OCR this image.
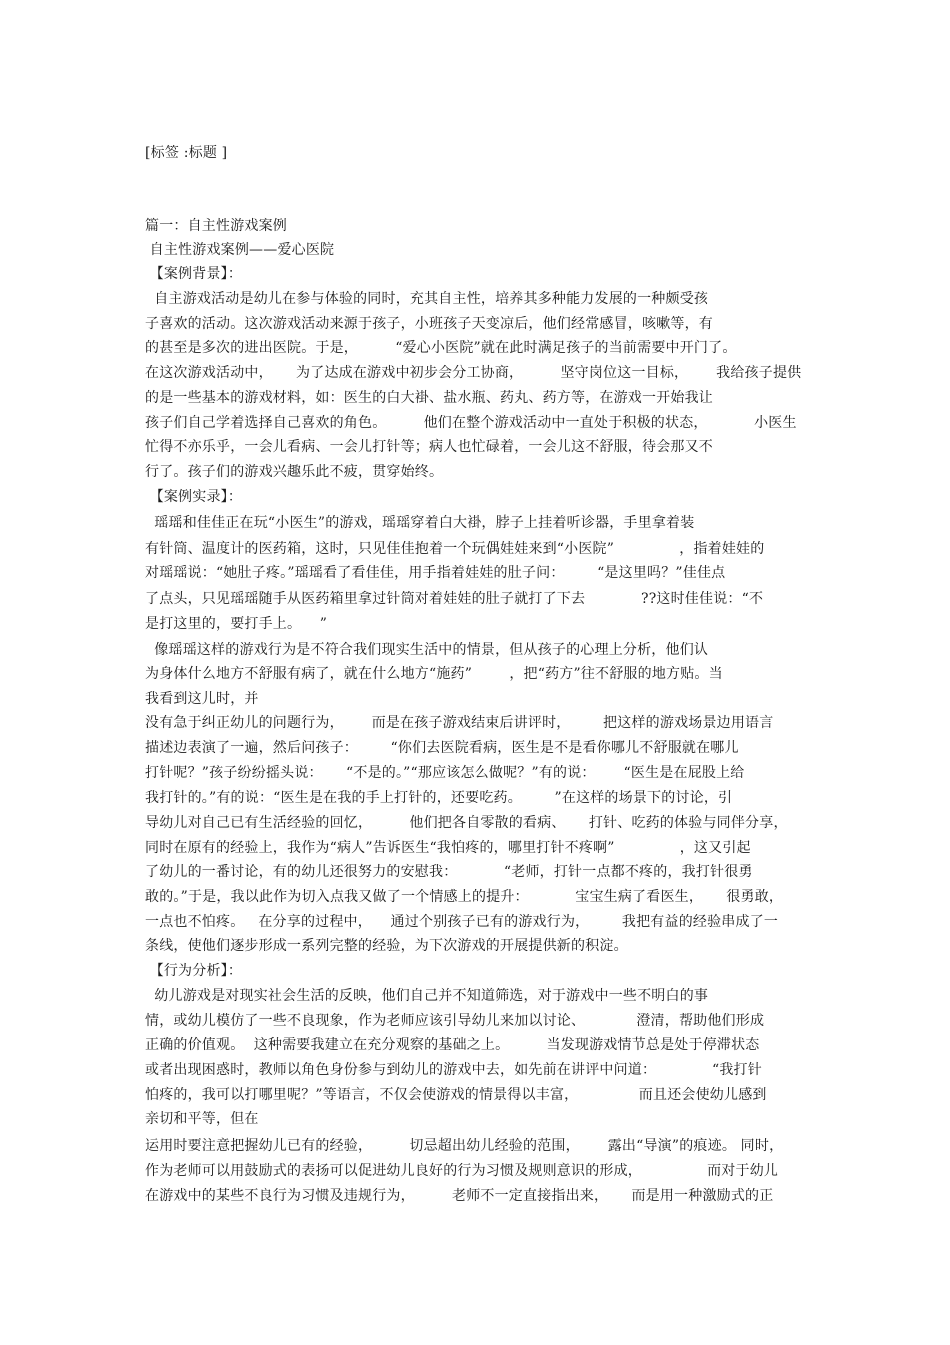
[标签 :标题 ]
篇一：自主性游戏案例
自主性游戏案例——爱心医院
【案例背景】：
自主游戏活动是幼儿在参与体验的同时，充其自主性，培养其多种能力发展的一种颇受孩
子喜欢的活动。这次游戏活动来源于孩子，小班孩子天变凉后，他们经常感冒，咳嗽等，有
的甚至是多次的进出医院。于是，        “爱心小医院”就在此时满足孩子的当前需要中开门了。
在这次游戏活动中，     为了达成在游戏中初步会分工协商，        坚守岗位这一目标，      我给孩子提供
的是一些基本的游戏材料，如：医生的白大褂、盐水瓶、药丸、药方等，在游戏一开始我让
孩子们自己学着选择自己喜欢的角色。        他们在整个游戏活动中一直处于积极的状态，          小医生
忙得不亦乐乎，一会儿看病、一会儿打针等；病人也忙碌着，一会儿这不舒服，待会那又不
行了。孩子们的游戏兴趣乐此不疲，贯穿始终。
【案例实录】：
瑶瑶和佳佳正在玩“小医生”的游戏，瑶瑶穿着白大褂，脖子上挂着听诊器，手里拿着装
有针筒、温度计的医药箱，这时，只见佳佳抱着一个玩偶娃娃来到“小医院”              ，指着娃娃的
对瑶瑶说：“她肚子疼。”瑶瑶看了看佳佳，用手指着娃娃的肚子问：       “是这里吗？”佳佳点
了点头，只见瑶瑶随手从医药箱里拿过针筒对着娃娃的肚子就打了下去            ??这时佳佳说：“不
是打这里的，要打手上。    ”
像瑶瑶这样的游戏行为是不符合我们现实生活中的情景，但从孩子的心理上分析，他们认
为身体什么地方不舒服有病了，就在什么地方“施药”        ，把“药方”往不舒服的地方贴。当
我看到这儿时，并
没有急于纠正幼儿的问题行为，      而是在孩子游戏结束后讲评时，       把这样的游戏场景边用语言
描述边表演了一遍，然后问孩子：       “你们去医院看病，医生是不是看你哪儿不舒服就在哪儿
打针呢？”孩子纷纷摇头说：     “不是的。”“那应该怎么做呢？”有的说：      “医生是在屁股上给
我打针的。”有的说：“医生是在我的手上打针的，还要吃药。       ”在这样的场景下的讨论，引
导幼儿对自己已有生活经验的回忆，        他们把各自零散的看病、     打针、吃药的体验与同伴分享，
同时在原有的经验上，我作为“病人”告诉医生“我怕疼的，哪里打针不疼啊”              ，这又引起
了幼儿的一番讨论，有的幼儿还很努力的安慰我：          “老师，打针一点都不疼的，我打针很勇
敢的。”于是，我以此作为切入点我又做了一个情感上的提升：          宝宝生病了看医生，     很勇敢，
一点也不怕疼。   在分享的过程中，    通过个别孩子已有的游戏行为，       我把有益的经验串成了一
条线，使他们逐步形成一系列完整的经验，为下次游戏的开展提供新的积淀。
【行为分析】：
幼儿游戏是对现实社会生活的反映，他们自己并不知道筛选，对于游戏中一些不明白的事
情，或幼儿模仿了一些不良现象，作为老师应该引导幼儿来加以讨论、           澄清，帮助他们形成
正确的价值观。  这种需要我建立在充分观察的基础之上。        当发现游戏情节总是处于停滞状态
或者出现困惑时，教师以角色身份参与到幼儿的游戏中去，如先前在讲评中问道：            “我打针
怕疼的，我可以打哪里呢？”等语言，不仅会使游戏的情景得以丰富，             而且还会使幼儿感到
亲切和平等，但在
运用时要注意把握幼儿已有的经验，        切忌超出幼儿经验的范围，      露出“导演”的痕迹。 同时，
作为老师可以用鼓励式的表扬可以促进幼儿良好的行为习惯及规则意识的形成，              而对于幼儿
在游戏中的某些不良行为习惯及违规行为，        老师不一定直接指出来，     而是用一种激励式的正
